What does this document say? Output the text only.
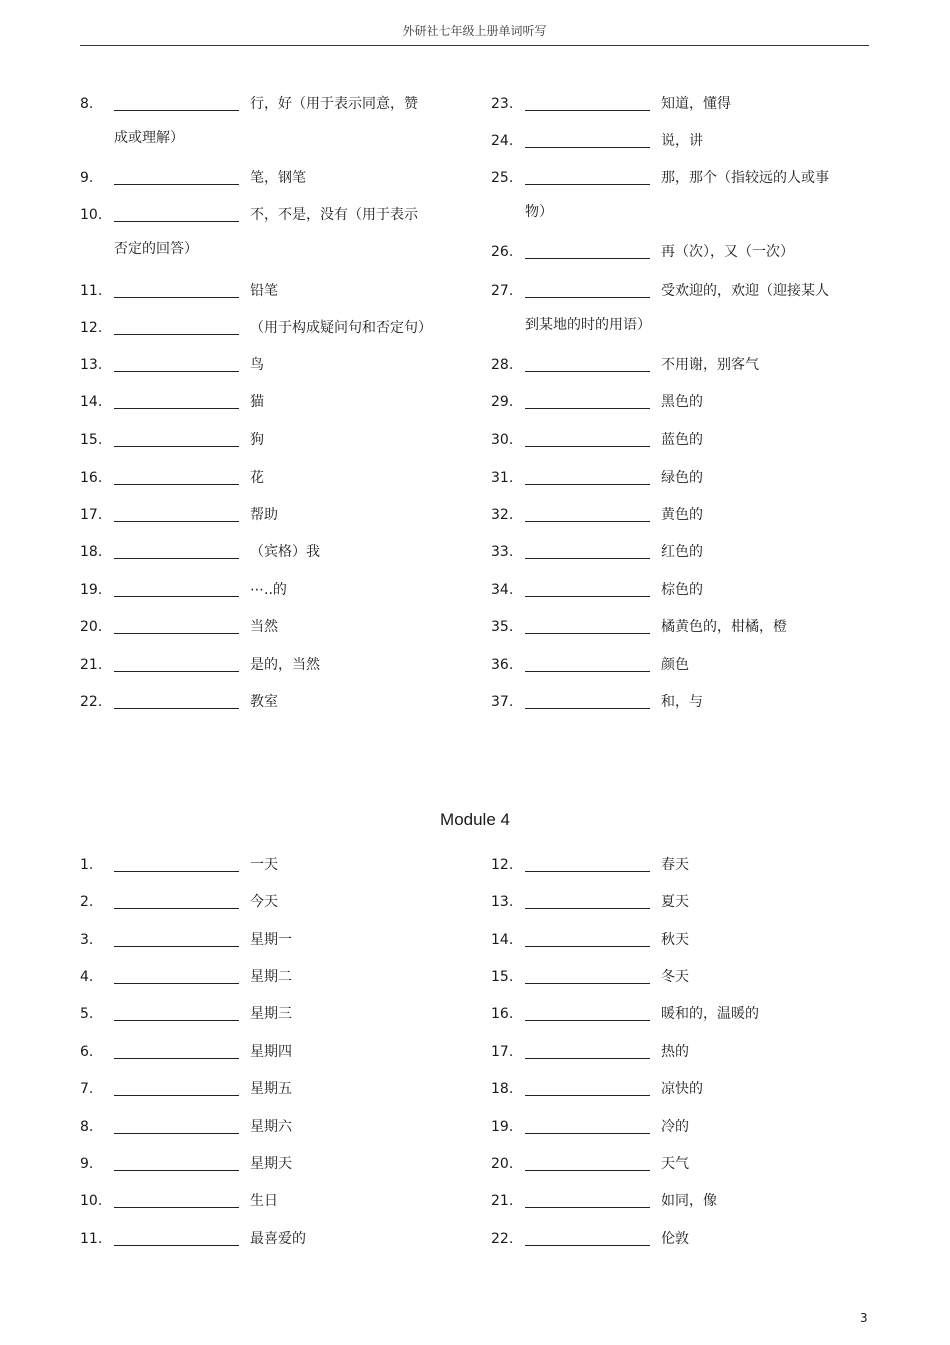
外研社七年级上册单词听写
8.	行，好（用于表示同意，赞
成或理解）
9.	笔，钢笔
10.	不，不是，没有（用于表示
否定的回答）
11.	铅笔
12.	（用于构成疑问句和否定句）
13.	鸟
14.	猫
15.	狗
16.	花
17.	帮助
18.	（宾格）我
19.	⋯..的
20.	当然
21.	是的，当然
22.	教室
23.	知道，懂得
24.	说，讲
25.	那，那个（指较远的人或事
物）
26.	再（次），又（一次）
27.	受欢迎的，欢迎（迎接某人
到某地的时的用语）
28.	不用谢，别客气
29.	黑色的
30.	蓝色的
31.	绿色的
32.	黄色的
33.	红色的
34.	棕色的
35.	橘黄色的，柑橘，橙
36.	颜色
37.	和，与
Module 4
1.	一天
2.	今天
3.	星期一
4.	星期二
5.	星期三
6.	星期四
7.	星期五
8.	星期六
9.	星期天
10.	生日
11.	最喜爱的
12.	春天
13.	夏天
14.	秋天
15.	冬天
16.	暖和的，温暖的
17.	热的
18.	凉快的
19.	冷的
20.	天气
21.	如同，像
22.	伦敦
3
